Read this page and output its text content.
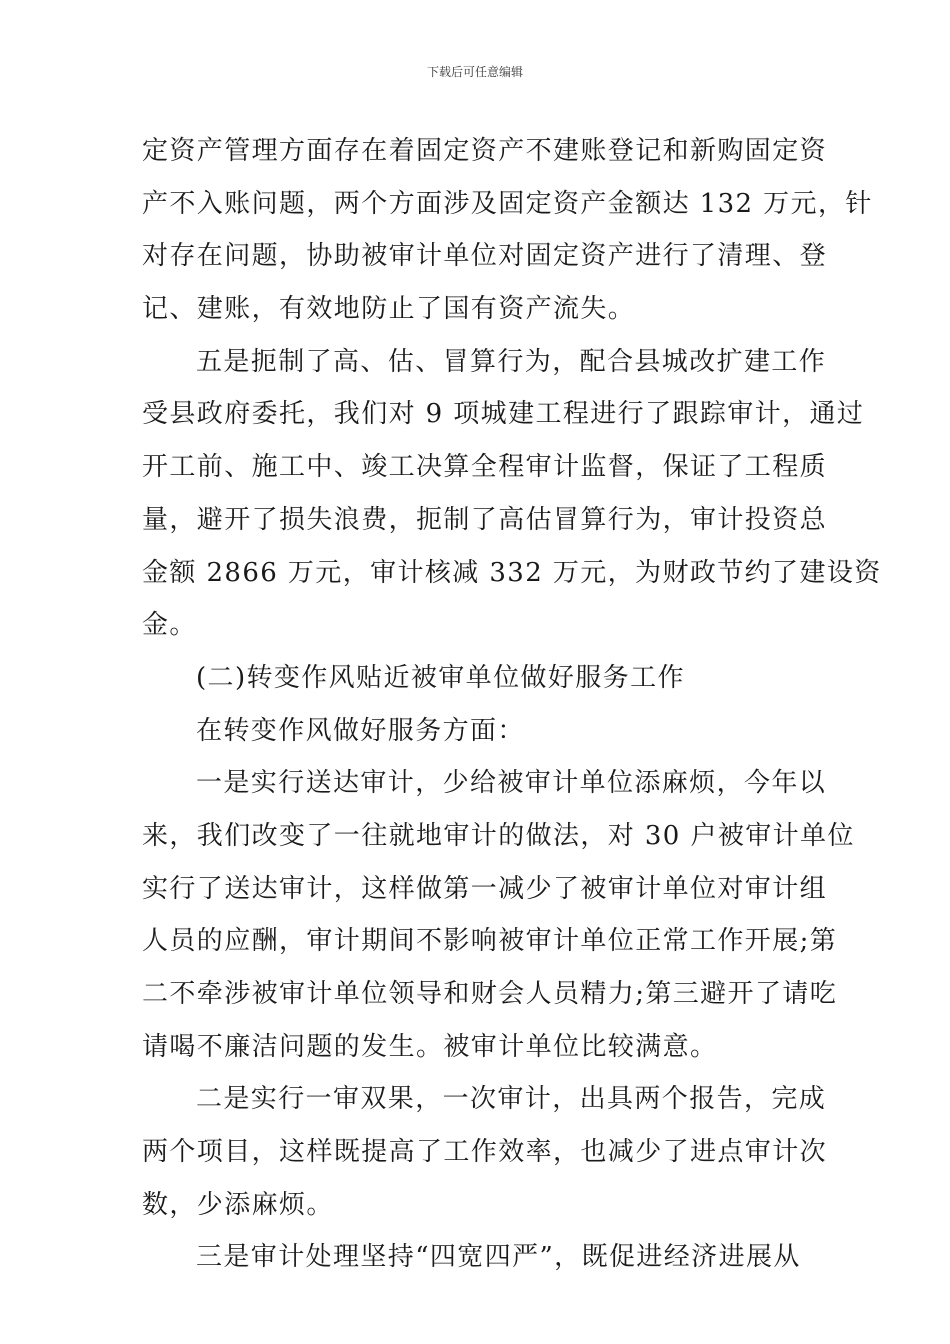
下载后可任意编辑
定资产管理方面存在着固定资产不建账登记和新购固定资
产不入账问题，两个方面涉及固定资产金额达 132 万元，针
对存在问题，协助被审计单位对固定资产进行了清理、登
记、建账，有效地防止了国有资产流失。
五是扼制了高、估、冒算行为，配合县城改扩建工作
受县政府委托，我们对 9 项城建工程进行了跟踪审计，通过
开工前、施工中、竣工决算全程审计监督，保证了工程质
量，避开了损失浪费，扼制了高估冒算行为，审计投资总
金额 2866 万元，审计核减 332 万元，为财政节约了建设资
金。
(二)转变作风贴近被审单位做好服务工作
在转变作风做好服务方面：
一是实行送达审计，少给被审计单位添麻烦，今年以
来，我们改变了一往就地审计的做法，对 30 户被审计单位
实行了送达审计，这样做第一减少了被审计单位对审计组
人员的应酬，审计期间不影响被审计单位正常工作开展;第
二不牵涉被审计单位领导和财会人员精力;第三避开了请吃
请喝不廉洁问题的发生。被审计单位比较满意。
二是实行一审双果，一次审计，出具两个报告，完成
两个项目，这样既提高了工作效率，也减少了进点审计次
数，少添麻烦。
三是审计处理坚持“四宽四严”，既促进经济进展从
